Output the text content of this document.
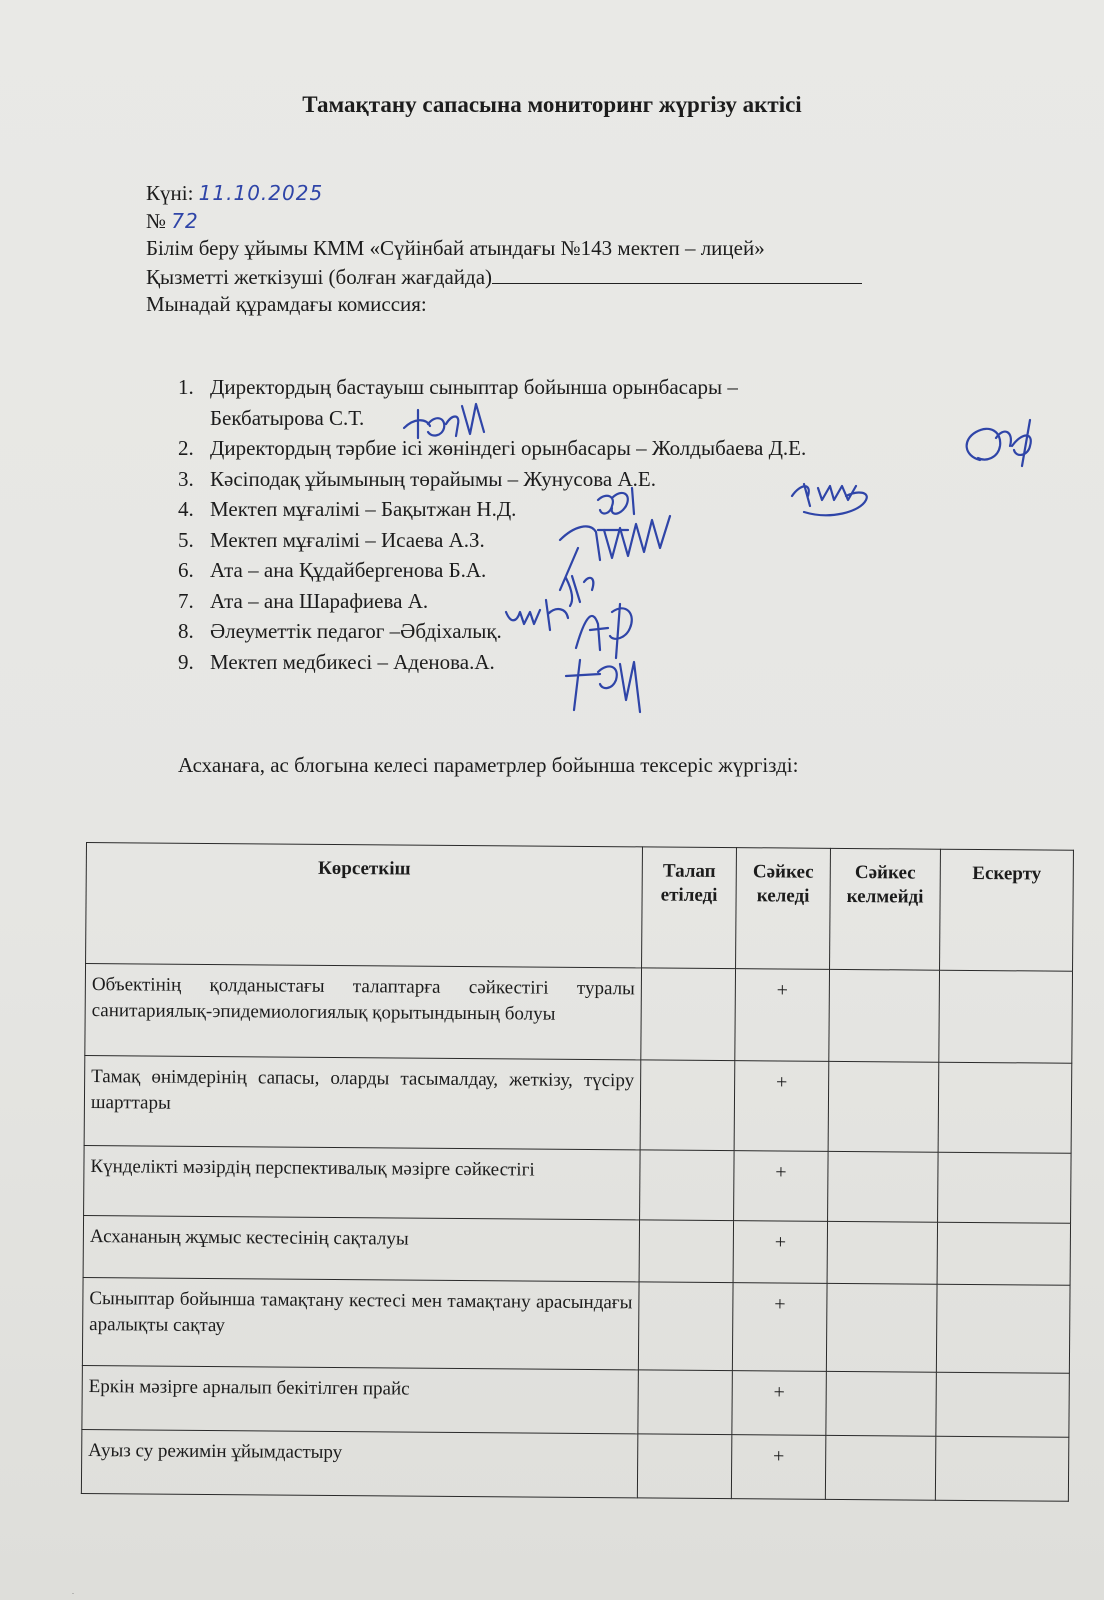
Тамақтану сапасына мониторинг жүргізу актісі
Күні: 11.10.2025
№ 72
Білім беру ұйымы КММ «Сүйінбай атындағы №143 мектеп – лицей»
Қызметті жеткізуші (болған жағдайда)
Мынадай құрамдағы комиссия:
1. Директордың бастауыш сыныптар бойынша орынбасары –
Бекбатырова С.Т.
2. Директордың тәрбие ісі жөніндегі орынбасары – Жолдыбаева Д.Е.
3. Кәсіподақ ұйымының төрайымы – Жунусова А.Е.
4. Мектеп мұғалімі – Бақытжан Н.Д.
5. Мектеп мұғалімі – Исаева А.З.
6. Ата – ана Құдайбергенова Б.А.
7. Ата – ана Шарафиева А.
8. Әлеуметтік педагог –Әбдіхалық.
9. Мектеп медбикесі – Аденова.А.
Асханаға, ас блогына келесі параметрлер бойынша тексеріс жүргізді:
Көрсеткіш	Талап етіледі	Сәйкес келеді	Сәйкес келмейді	Ескерту
Объектінің қолданыстағы талаптарға сәйкестігі туралы санитариялық-эпидемиологиялық қорытындының болуы		+		
Тамақ өнімдерінің сапасы, оларды тасымалдау, жеткізу, түсіру шарттары		+		
Күнделікті мәзірдің перспективалық мәзірге сәйкестігі		+		
Асхананың жұмыс кестесінің сақталуы		+		
Сыныптар бойынша тамақтану кестесі мен тамақтану арасындағы аралықты сақтау		+		
Еркін мәзірге арналып бекітілген прайс		+		
Ауыз су режимін ұйымдастыру		+		
.
